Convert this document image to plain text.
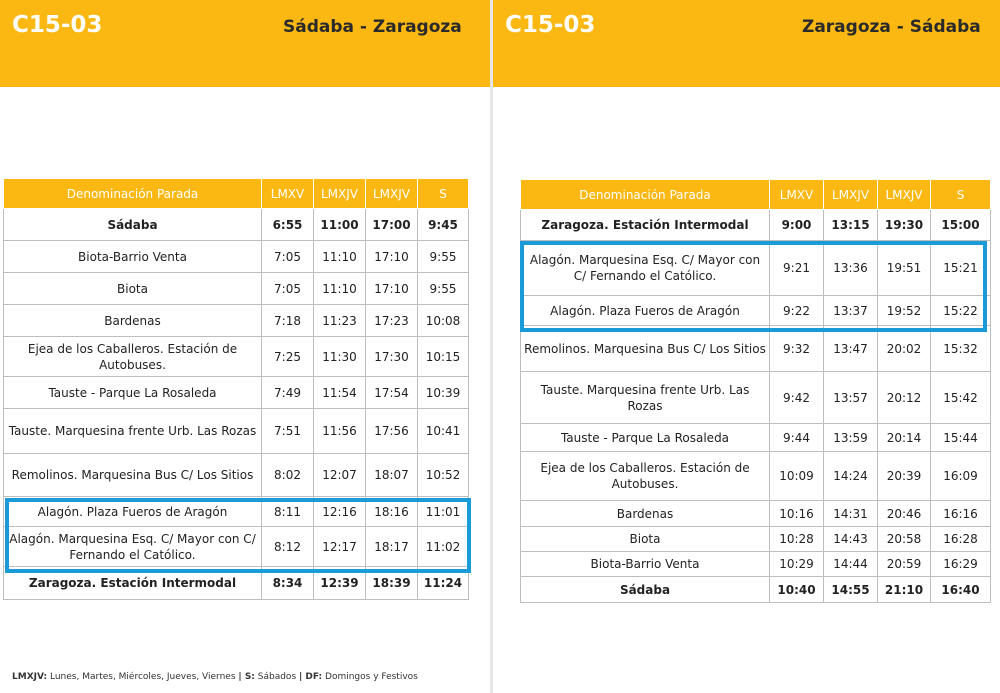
C15-03	Sádaba - Zaragoza
Denominación Parada	LMXV	LMXJV	LMXJV	S
Sádaba	6:55	11:00	17:00	9:45
Biota-Barrio Venta	7:05	11:10	17:10	9:55
Biota	7:05	11:10	17:10	9:55
Bardenas	7:18	11:23	17:23	10:08
Ejea de los Caballeros. Estación de Autobuses.	7:25	11:30	17:30	10:15
Tauste - Parque La Rosaleda	7:49	11:54	17:54	10:39
Tauste. Marquesina frente Urb. Las Rozas	7:51	11:56	17:56	10:41
Remolinos. Marquesina Bus C/ Los Sitios	8:02	12:07	18:07	10:52
Alagón. Plaza Fueros de Aragón	8:11	12:16	18:16	11:01
Alagón. Marquesina Esq. C/ Mayor con C/ Fernando el Católico.	8:12	12:17	18:17	11:02
Zaragoza. Estación Intermodal	8:34	12:39	18:39	11:24
LMXJV: Lunes, Martes, Miércoles, Jueves, Viernes | S: Sábados | DF: Domingos y Festivos
C15-03	Zaragoza - Sádaba
Denominación Parada	LMXV	LMXJV	LMXJV	S
Zaragoza. Estación Intermodal	9:00	13:15	19:30	15:00
Alagón. Marquesina Esq. C/ Mayor con C/ Fernando el Católico.	9:21	13:36	19:51	15:21
Alagón. Plaza Fueros de Aragón	9:22	13:37	19:52	15:22
Remolinos. Marquesina Bus C/ Los Sitios	9:32	13:47	20:02	15:32
Tauste. Marquesina frente Urb. Las Rozas	9:42	13:57	20:12	15:42
Tauste - Parque La Rosaleda	9:44	13:59	20:14	15:44
Ejea de los Caballeros. Estación de Autobuses.	10:09	14:24	20:39	16:09
Bardenas	10:16	14:31	20:46	16:16
Biota	10:28	14:43	20:58	16:28
Biota-Barrio Venta	10:29	14:44	20:59	16:29
Sádaba	10:40	14:55	21:10	16:40
